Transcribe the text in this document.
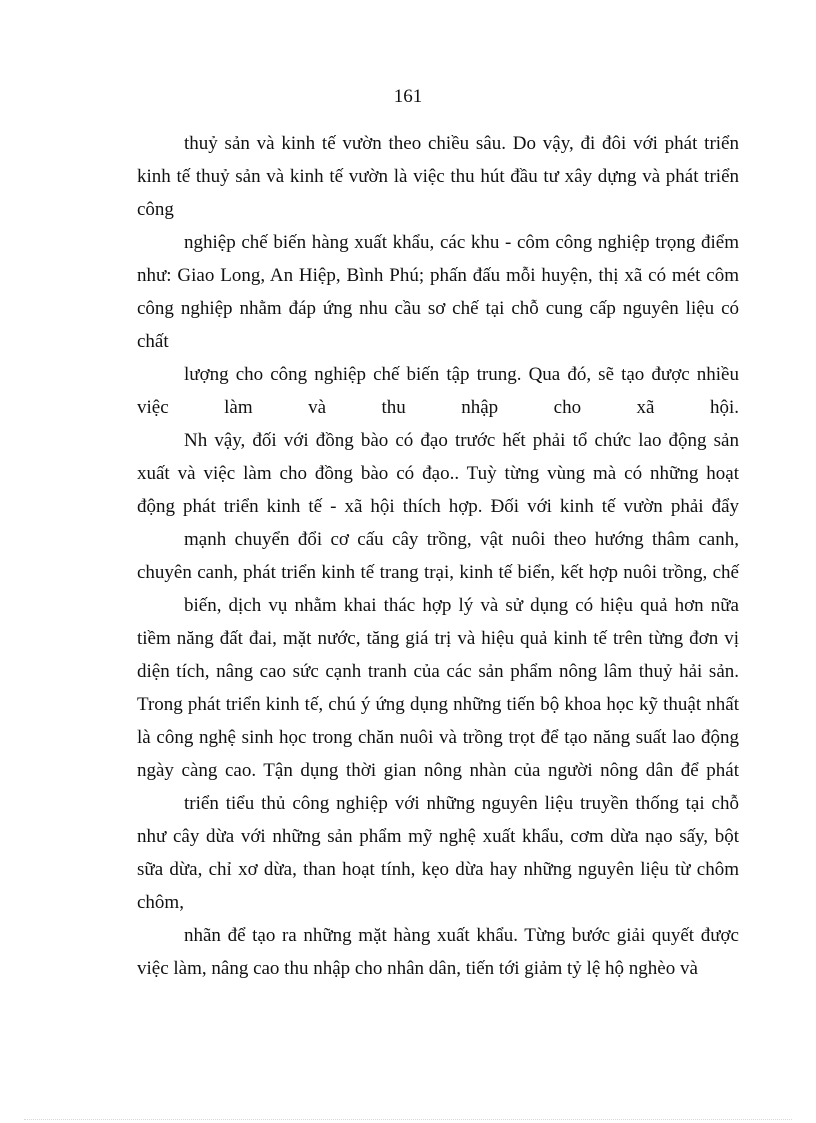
161
thuỷ sản và kinh tế vườn theo chiều sâu. Do vậy, đi đôi với phát triển
kinh tế thuỷ sản và kinh tế vườn là việc thu hút đầu tư xây dựng và phát triển
công
nghiệp chế biến hàng xuất khẩu, các khu - côm công nghiệp trọng điểm
như: Giao Long, An Hiệp, Bình Phú; phấn đấu mỗi huyện, thị xã có mét côm
công nghiệp nhằm đáp ứng nhu cầu sơ chế tại chỗ cung cấp nguyên liệu có
chất
lượng cho công nghiệp chế biến tập trung. Qua đó, sẽ tạo được nhiều
việc làm và thu nhập cho xã hội.
Nh vậy, đối với đồng bào có đạo trước hết phải tổ chức lao động sản
xuất và việc làm cho đồng bào có đạo.. Tuỳ từng vùng mà có những hoạt
động phát triển kinh tế - xã hội thích hợp. Đối với kinh tế vườn phải đẩy
mạnh chuyển đổi cơ cấu cây trồng, vật nuôi theo hướng thâm canh,
chuyên canh, phát triển kinh tế trang trại, kinh tế biển, kết hợp nuôi trồng, chế
biến, dịch vụ nhằm khai thác hợp lý và sử dụng có hiệu quả hơn nữa
tiềm năng đất đai, mặt nước, tăng giá trị và hiệu quả kinh tế trên từng đơn vị
diện tích, nâng cao sức cạnh tranh của các sản phẩm nông lâm thuỷ hải sản.
Trong phát triển kinh tế, chú ý ứng dụng những tiến bộ khoa học kỹ thuật nhất
là công nghệ sinh học trong chăn nuôi và trồng trọt để tạo năng suất lao động
ngày càng cao. Tận dụng thời gian nông nhàn của người nông dân để phát
triển tiểu thủ công nghiệp với những nguyên liệu truyền thống tại chỗ
như cây dừa với những sản phẩm mỹ nghệ xuất khẩu, cơm dừa nạo sấy, bột
sữa dừa, chỉ xơ dừa, than hoạt tính, kẹo dừa hay những nguyên liệu từ chôm
chôm,
nhãn để tạo ra những mặt hàng xuất khẩu. Từng bước giải quyết được
việc làm, nâng cao thu nhập cho nhân dân, tiến tới giảm tỷ lệ hộ nghèo và
